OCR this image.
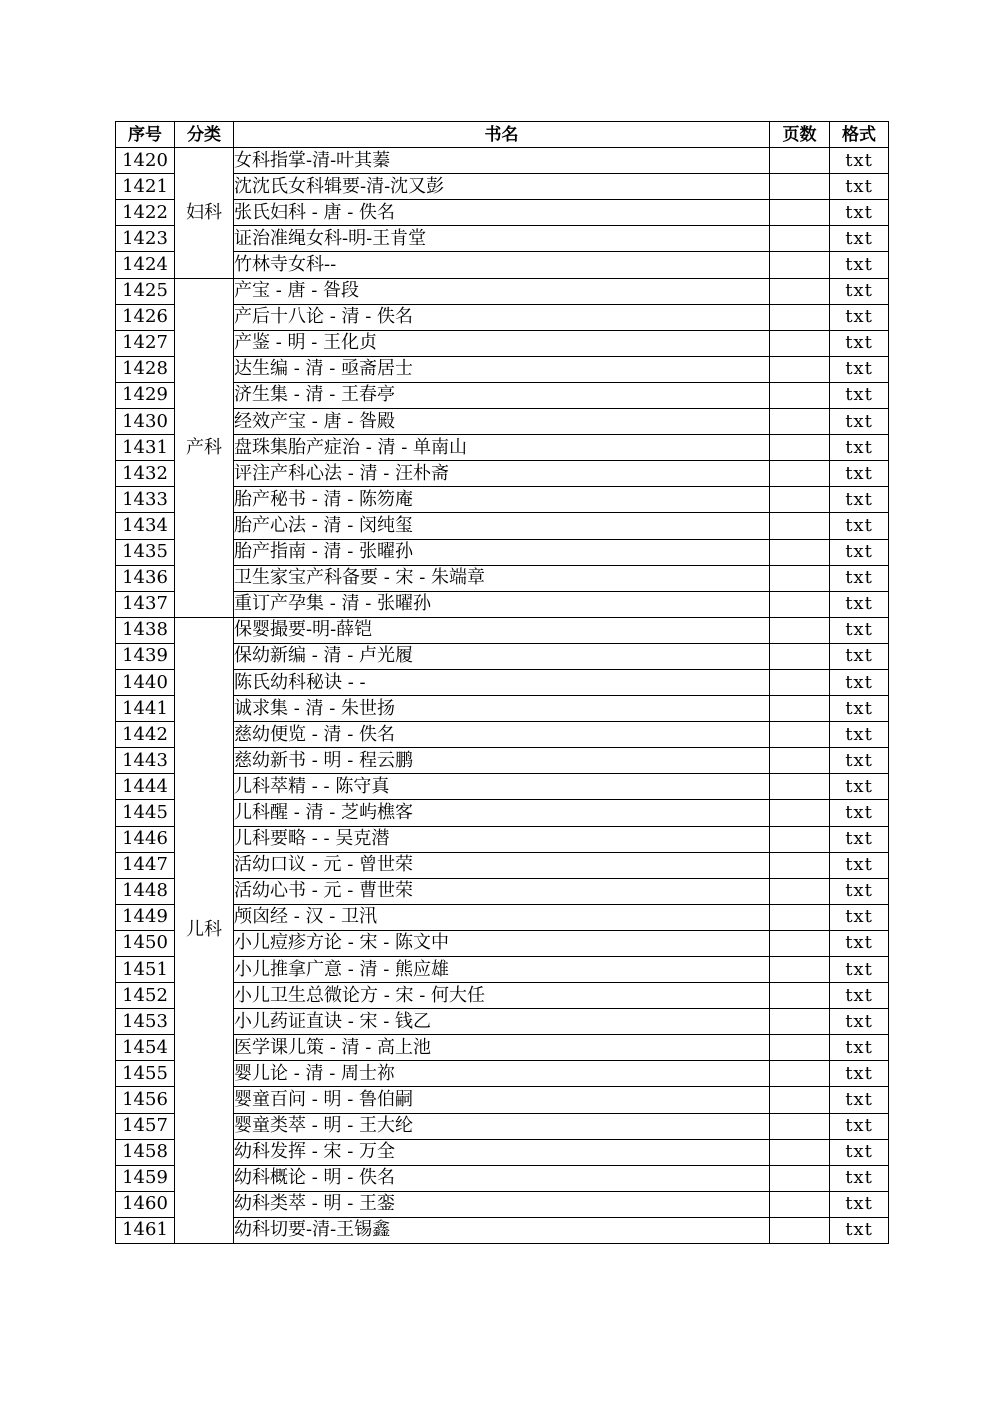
序号	分类	书名	页数	格式
1420	妇科	女科指掌-清-叶其蓁		txt
1421		沈沈氏女科辑要-清-沈又彭		txt
1422		张氏妇科 - 唐 - 佚名		txt
1423		证治准绳女科-明-王肯堂		txt
1424		竹林寺女科--		txt
1425	产科	产宝 - 唐 - 昝段		txt
1426		产后十八论 - 清 - 佚名		txt
1427		产鉴 - 明 - 王化贞		txt
1428		达生编 - 清 - 亟斋居士		txt
1429		济生集 - 清 - 王春亭		txt
1430		经效产宝 - 唐 - 昝殿		txt
1431		盘珠集胎产症治 - 清 - 单南山		txt
1432		评注产科心法 - 清 - 汪朴斋		txt
1433		胎产秘书 - 清 - 陈笏庵		txt
1434		胎产心法 - 清 - 闵纯玺		txt
1435		胎产指南 - 清 - 张曜孙		txt
1436		卫生家宝产科备要 - 宋 - 朱端章		txt
1437		重订产孕集 - 清 - 张曜孙		txt
1438	儿科	保婴撮要-明-薛铠		txt
1439		保幼新编 - 清 - 卢光履		txt
1440		陈氏幼科秘诀 - -		txt
1441		诚求集 - 清 - 朱世扬		txt
1442		慈幼便览 - 清 - 佚名		txt
1443		慈幼新书 - 明 - 程云鹏		txt
1444		儿科萃精 - - 陈守真		txt
1445		儿科醒 - 清 - 芝屿樵客		txt
1446		儿科要略 - - 吴克潜		txt
1447		活幼口议 - 元 - 曾世荣		txt
1448		活幼心书 - 元 - 曹世荣		txt
1449		颅囟经 - 汉 - 卫汛		txt
1450		小儿痘疹方论 - 宋 - 陈文中		txt
1451		小儿推拿广意 - 清 - 熊应雄		txt
1452		小儿卫生总微论方 - 宋 - 何大任		txt
1453		小儿药证直诀 - 宋 - 钱乙		txt
1454		医学课儿策 - 清 - 高上池		txt
1455		婴儿论 - 清 - 周士祢		txt
1456		婴童百问 - 明 - 鲁伯嗣		txt
1457		婴童类萃 - 明 - 王大纶		txt
1458		幼科发挥 - 宋 - 万全		txt
1459		幼科概论 - 明 - 佚名		txt
1460		幼科类萃 - 明 - 王銮		txt
1461		幼科切要-清-王锡鑫		txt
